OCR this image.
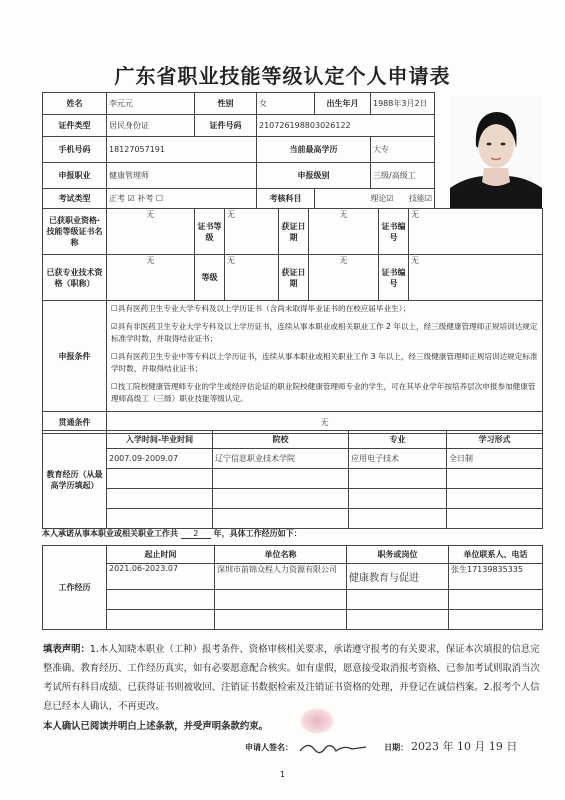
广东省职业技能等级认定个人申请表
姓名	李元元	性别	女	出生年月	1988年3月2日	
证件类型	居民身份证	证件号码	210726198803026122			
手机号码	18127057191		当前最高学历		大专	
申报职业	健康管理师		申报级别		三级/高级工	
考试类型	正考 ☑ 补考 ☐		考核科目	理论☑ 技能☑		
已获职业资格·技能等级证书名称	无	证书等级	无	获证日期	无	证书编号	无
已获专业技术资格（职称）	无	等级	无	获证日期	无	证书编号	无
申报条件	☐具有医药卫生专业大学专科及以上学历证书（含尚未取得毕业证书的在校应届毕业生）；

☑具有非医药卫生专业大学专科及以上学历证书，连续从事本职业或相关职业工作 2 年以上，经三级健康管理师正规培训达规定标准学时数，并取得结业证书；

☐具有医药卫生专业中等专科以上学历证书，连续从事本职业或相关职业工作 3 年以上，经三级健康管理师正规培训达规定标准学时数，并取得结业证书；

☐技工院校健康管理师专业的学生或经评估论证的职业院校健康管理师专业的学生，可在其毕业学年按培养层次申报参加健康管理师高级工（三级）职业技能等级认定。

贯通条件	无
教育经历（从最高学历填起）	入学时间-毕业时间	院校	专业	学习形式
	2007.09-2009.07	辽宁信息职业技术学院	应用电子技术	全日制

本人承诺从事本职业或相关职业工作共 2 年，具体工作经历如下：
工作经历	起止时间	单位名称	职务或岗位	单位联系人、电话
	2021.06-2023.07	深圳市前锦众程人力资源有限公司	健康教育与促进	张生17139835335

填表声明：1.本人知晓本职业（工种）报考条件、资格审核相关要求，承诺遵守报考的有关要求，保证本次填报的信息完整准确、教育经历、工作经历真实，如有必要愿意配合核实。如有虚假，愿意接受取消报考资格、已参加考试则取消当次考试所有科目成绩、已获得证书则被收回、注销证书数据检索及注销证书资格的处理，并登记在诚信档案。2.报考个人信息已经本人确认，不再更改。
本人确认已阅读并明白上述条款，并受声明条款约束。
申请人签名：	日期： 2023 年 10 月 19 日
1
